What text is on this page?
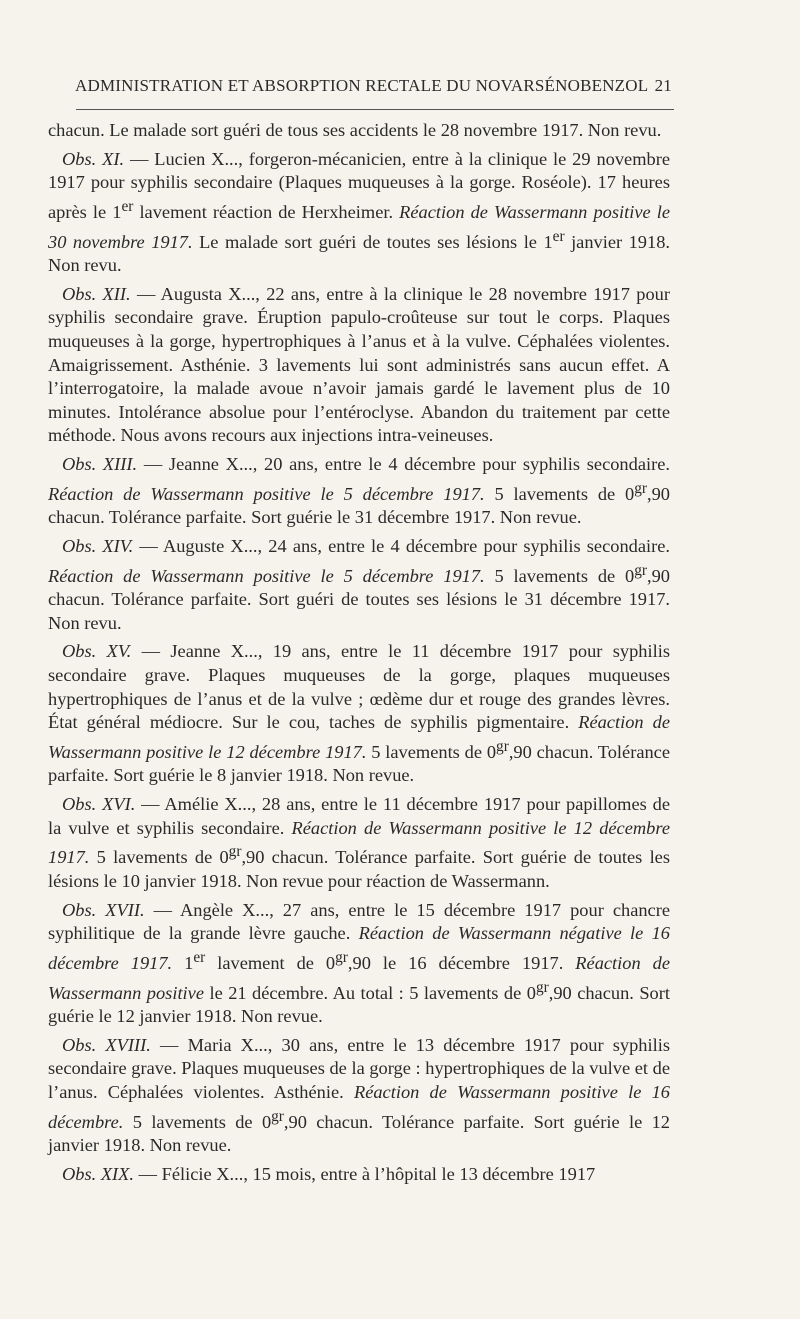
ADMINISTRATION ET ABSORPTION RECTALE DU NOVARSÉNOBENZOL 21

chacun. Le malade sort guéri de tous ses accidents le 28 novembre 1917. Non revu.

Obs. XI. — Lucien X..., forgeron-mécanicien, entre à la clinique le 29 novembre 1917 pour syphilis secondaire (Plaques muqueuses à la gorge. Roséole). 17 heures après le 1er lavement réaction de Herxheimer. Réaction de Wassermann positive le 30 novembre 1917. Le malade sort guéri de toutes ses lésions le 1er janvier 1918. Non revu.

Obs. XII. — Augusta X..., 22 ans, entre à la clinique le 28 novembre 1917 pour syphilis secondaire grave. Éruption papulo-croûteuse sur tout le corps. Plaques muqueuses à la gorge, hypertrophiques à l’anus et à la vulve. Céphalées violentes. Amaigrissement. Asthénie. 3 lavements lui sont administrés sans aucun effet. A l’interrogatoire, la malade avoue n’avoir jamais gardé le lavement plus de 10 minutes. Intolérance absolue pour l’entéroclyse. Abandon du traitement par cette méthode. Nous avons recours aux injections intra-veineuses.

Obs. XIII. — Jeanne X..., 20 ans, entre le 4 décembre pour syphilis secondaire. Réaction de Wassermann positive le 5 décembre 1917. 5 lavements de $0^{gr},90$ chacun. Tolérance parfaite. Sort guérie le 31 décembre 1917. Non revue.

Obs. XIV. — Auguste X..., 24 ans, entre le 4 décembre pour syphilis secondaire. Réaction de Wassermann positive le 5 décembre 1917. 5 lavements de $0^{gr},90$ chacun. Tolérance parfaite. Sort guéri de toutes ses lésions le 31 décembre 1917. Non revu.

Obs. XV. — Jeanne X..., 19 ans, entre le 11 décembre 1917 pour syphilis secondaire grave. Plaques muqueuses de la gorge, plaques muqueuses hypertrophiques de l’anus et de la vulve ; œdème dur et rouge des grandes lèvres. État général médiocre. Sur le cou, taches de syphilis pigmentaire. Réaction de Wassermann positive le 12 décembre 1917. 5 lavements de $0^{gr},90$ chacun. Tolérance parfaite. Sort guérie le 8 janvier 1918. Non revue.

Obs. XVI. — Amélie X..., 28 ans, entre le 11 décembre 1917 pour papillomes de la vulve et syphilis secondaire. Réaction de Wassermann positive le 12 décembre 1917. 5 lavements de $0^{gr},90$ chacun. Tolérance parfaite. Sort guérie de toutes les lésions le 10 janvier 1918. Non revue pour réaction de Wassermann.

Obs. XVII. — Angèle X..., 27 ans, entre le 15 décembre 1917 pour chancre syphilitique de la grande lèvre gauche. Réaction de Wassermann négative le 16 décembre 1917. 1er lavement de $0^{gr},90$ le 16 décembre 1917. Réaction de Wassermann positive le 21 décembre. Au total : 5 lavements de $0^{gr},90$ chacun. Sort guérie le 12 janvier 1918. Non revue.

Obs. XVIII. — Maria X..., 30 ans, entre le 13 décembre 1917 pour syphilis secondaire grave. Plaques muqueuses de la gorge : hypertrophiques de la vulve et de l’anus. Céphalées violentes. Asthénie. Réaction de Wassermann positive le 16 décembre. 5 lavements de $0^{gr},90$ chacun. Tolérance parfaite. Sort guérie le 12 janvier 1918. Non revue.

Obs. XIX. — Félicie X..., 15 mois, entre à l’hôpital le 13 décembre 1917
